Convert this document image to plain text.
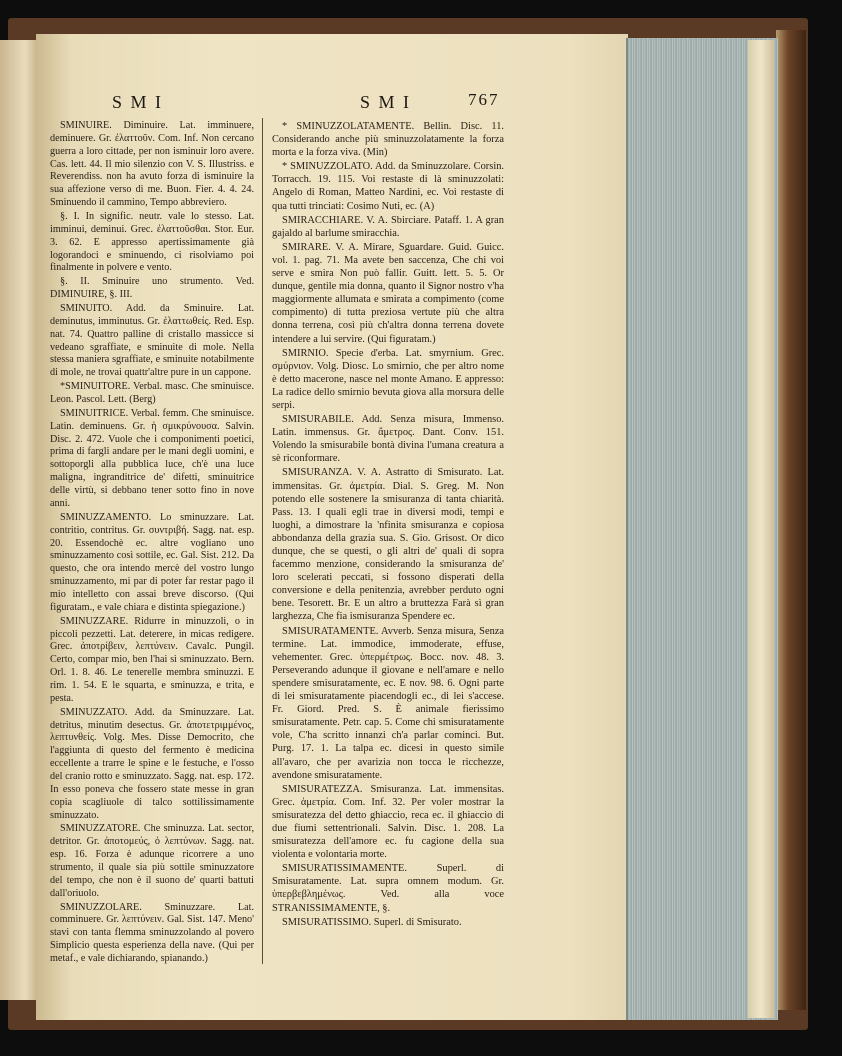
S M I	S M I	767

SMINUIRE. Diminuire. Lat. imminuere, deminuere. Gr. ἐλαττοῦν. Com. Inf. Non cercano guerra a loro cittade, per non isminuir loro avere. Cas. lett. 44. Il mio silenzio con V. S. Illustriss. e Reverendiss. non ha avuto forza di isminuire la sua affezione verso di me. Buon. Fier. 4. 4. 24. Sminuendo il cammino, Tempo abbreviero.

§. I. In signific. neutr. vale lo stesso. Lat. imminui, deminui. Grec. ἐλαττοῦσθαι. Stor. Eur. 3. 62. E appresso apertissimamente già logorandoci e sminuendo, ci risolviamo poi finalmente in polvere e vento.

§. II. Sminuire uno strumento. Ved. DIMINUIRE, §. III.

SMINUITO. Add. da Sminuire. Lat. deminutus, imminutus. Gr. ἐλαττωθείς. Red. Esp. nat. 74. Quattro palline di cristallo massicce si vedeano sgraffiate, e sminuite di mole. Nella stessa maniera sgraffiate, e sminuite notabilmente di mole, ne trovai quattr'altre pure in un cappone.

*SMINUITORE. Verbal. masc. Che sminuisce. Leon. Pascol. Lett. (Berg)

SMINUITRICE. Verbal. femm. Che sminuisce. Latin. deminuens. Gr. ἡ σμικρύνουσα. Salvin. Disc. 2. 472. Vuole che i componimenti poetici, prima di fargli andare per le mani degli uomini, e sottoporgli alla pubblica luce, ch'è una luce maligna, ingranditrice de' difetti, sminuitrice delle virtù, si debbano tener sotto fino in nove anni.

SMINUZZAMENTO. Lo sminuzzare. Lat. contritio, contritus. Gr. συντριβή. Sagg. nat. esp. 20. Essendochè ec. altre vogliano uno sminuzzamento così sottile, ec. Gal. Sist. 212. Da questo, che ora intendo mercè del vostro lungo sminuzzamento, mi par di poter far restar pago il mio intelletto con assai breve discorso. (Qui figuratam., e vale chiara e distinta spiegazione.)

SMINUZZARE. Ridurre in minuzzoli, o in piccoli pezzetti. Lat. deterere, in micas redigere. Grec. ἀποτρίβειν, λεπτύνειν. Cavalc. Pungil. Certo, compar mio, ben l'hai sì sminuzzato. Bern. Orl. 1. 8. 46. Le tenerelle membra sminuzzi. E rim. 1. 54. E le squarta, e sminuzza, e trita, e pesta.

SMINUZZATO. Add. da Sminuzzare. Lat. detritus, minutim desectus. Gr. ἀποτετριμμένος, λεπτυνθείς. Volg. Mes. Disse Democrito, che l'aggiunta di questo del fermento è medicina eccellente a trarre le spine e le festuche, e l'osso del cranio rotto e sminuzzato. Sagg. nat. esp. 172. In esso poneva che fossero state messe in gran copia scagliuole di talco sottilissimamente sminuzzato.

SMINUZZATORE. Che sminuzza. Lat. sector, detritor. Gr. ἀποτομεύς, ὁ λεπτύνων. Sagg. nat. esp. 16. Forza è adunque ricorrere a uno strumento, il quale sia più sottile sminuzzatore del tempo, che non è il suono de' quarti battuti dall'oriuolo.

SMINUZZOLARE. Sminuzzare. Lat. comminuere. Gr. λεπτύνειν. Gal. Sist. 147. Meno' stavi con tanta flemma sminuzzolando al povero Simplicio questa esperienza della nave. (Qui per metaf., e vale dichiarando, spianando.)

* SMINUZZOLATAMENTE. Bellin. Disc. 11. Considerando anche più sminuzzolatamente la forza morta e la forza viva. (Min)

* SMINUZZOLATO. Add. da Sminuzzolare. Corsin. Torracch. 19. 115. Voi restaste di là sminuzzolati: Angelo di Roman, Matteo Nardini, ec. Voi restaste di qua tutti trinciati: Cosimo Nuti, ec. (A)

SMIRACCHIARE. V. A. Sbirciare. Pataff. 1. A gran gajaldo al barlume smiracchia.

SMIRARE. V. A. Mirare, Sguardare. Guid. Guicc. vol. 1. pag. 71. Ma avete ben saccenza, Che chi voi serve e smira Non può fallir. Guitt. lett. 5. 5. Or dunque, gentile mia donna, quanto il Signor nostro v'ha maggiormente allumata e smirata a compimento (come compimento) di tutta preziosa vertute più che altra donna terrena, così più ch'altra donna terrena dovete intendere a lui servire. (Qui figuratam.)

SMIRNIO. Specie d'erba. Lat. smyrnium. Grec. σμύρνιον. Volg. Diosc. Lo smirnio, che per altro nome è detto macerone, nasce nel monte Amano. E appresso: La radice dello smirnio bevuta giova alla morsura delle serpi.

SMISURABILE. Add. Senza misura, Immenso. Latin. immensus. Gr. ἄμετρος. Dant. Conv. 151. Volendo la smisurabile bontà divina l'umana creatura a sè riconformare.

SMISURANZA. V. A. Astratto di Smisurato. Lat. immensitas. Gr. ἀμετρία. Dial. S. Greg. M. Non potendo elle sostenere la smisuranza di tanta chiarità. Pass. 13. I quali egli trae in diversi modi, tempi e luoghi, a dimostrare la 'nfinita smisuranza e copiosa abbondanza della grazia sua. S. Gio. Grisost. Or dico dunque, che se questi, o gli altri de' quali di sopra facemmo menzione, considerando la smisuranza de' loro scelerati peccati, si fossono disperati della conversione e della penitenzia, avrebber perduto ogni bene. Tesorett. Br. E un altro a bruttezza Farà sì gran larghezza, Che fia ismisuranza Spendere ec.

SMISURATAMENTE. Avverb. Senza misura, Senza termine. Lat. immodice, immoderate, effuse, vehementer. Grec. ὑπερμέτρως. Bocc. nov. 48. 3. Perseverando adunque il giovane e nell'amare e nello spendere smisuratamente, ec. E nov. 98. 6. Ogni parte di lei smisuratamente piacendogli ec., di lei s'accese. Fr. Giord. Pred. S. È animale fierissimo smisuratamente. Petr. cap. 5. Come chi smisuratamente vole, C'ha scritto innanzi ch'a parlar cominci. But. Purg. 17. 1. La talpa ec. dicesi in questo simile all'avaro, che per avarizia non tocca le ricchezze, avendone smisuratamente.

SMISURATEZZA. Smisuranza. Lat. immensitas. Grec. ἀμετρία. Com. Inf. 32. Per voler mostrar la smisuratezza del detto ghiaccio, reca ec. il ghiaccio di due fiumi settentrionali. Salvin. Disc. 1. 208. La smisuratezza dell'amore ec. fu cagione della sua violenta e volontaria morte.

SMISURATISSIMAMENTE. Superl. di Smisuratamente. Lat. supra omnem modum. Gr. ὑπερβεβλημένως. Ved. alla voce STRANISSIMAMENTE, §.

SMISURATISSIMO. Superl. di Smisurato.
